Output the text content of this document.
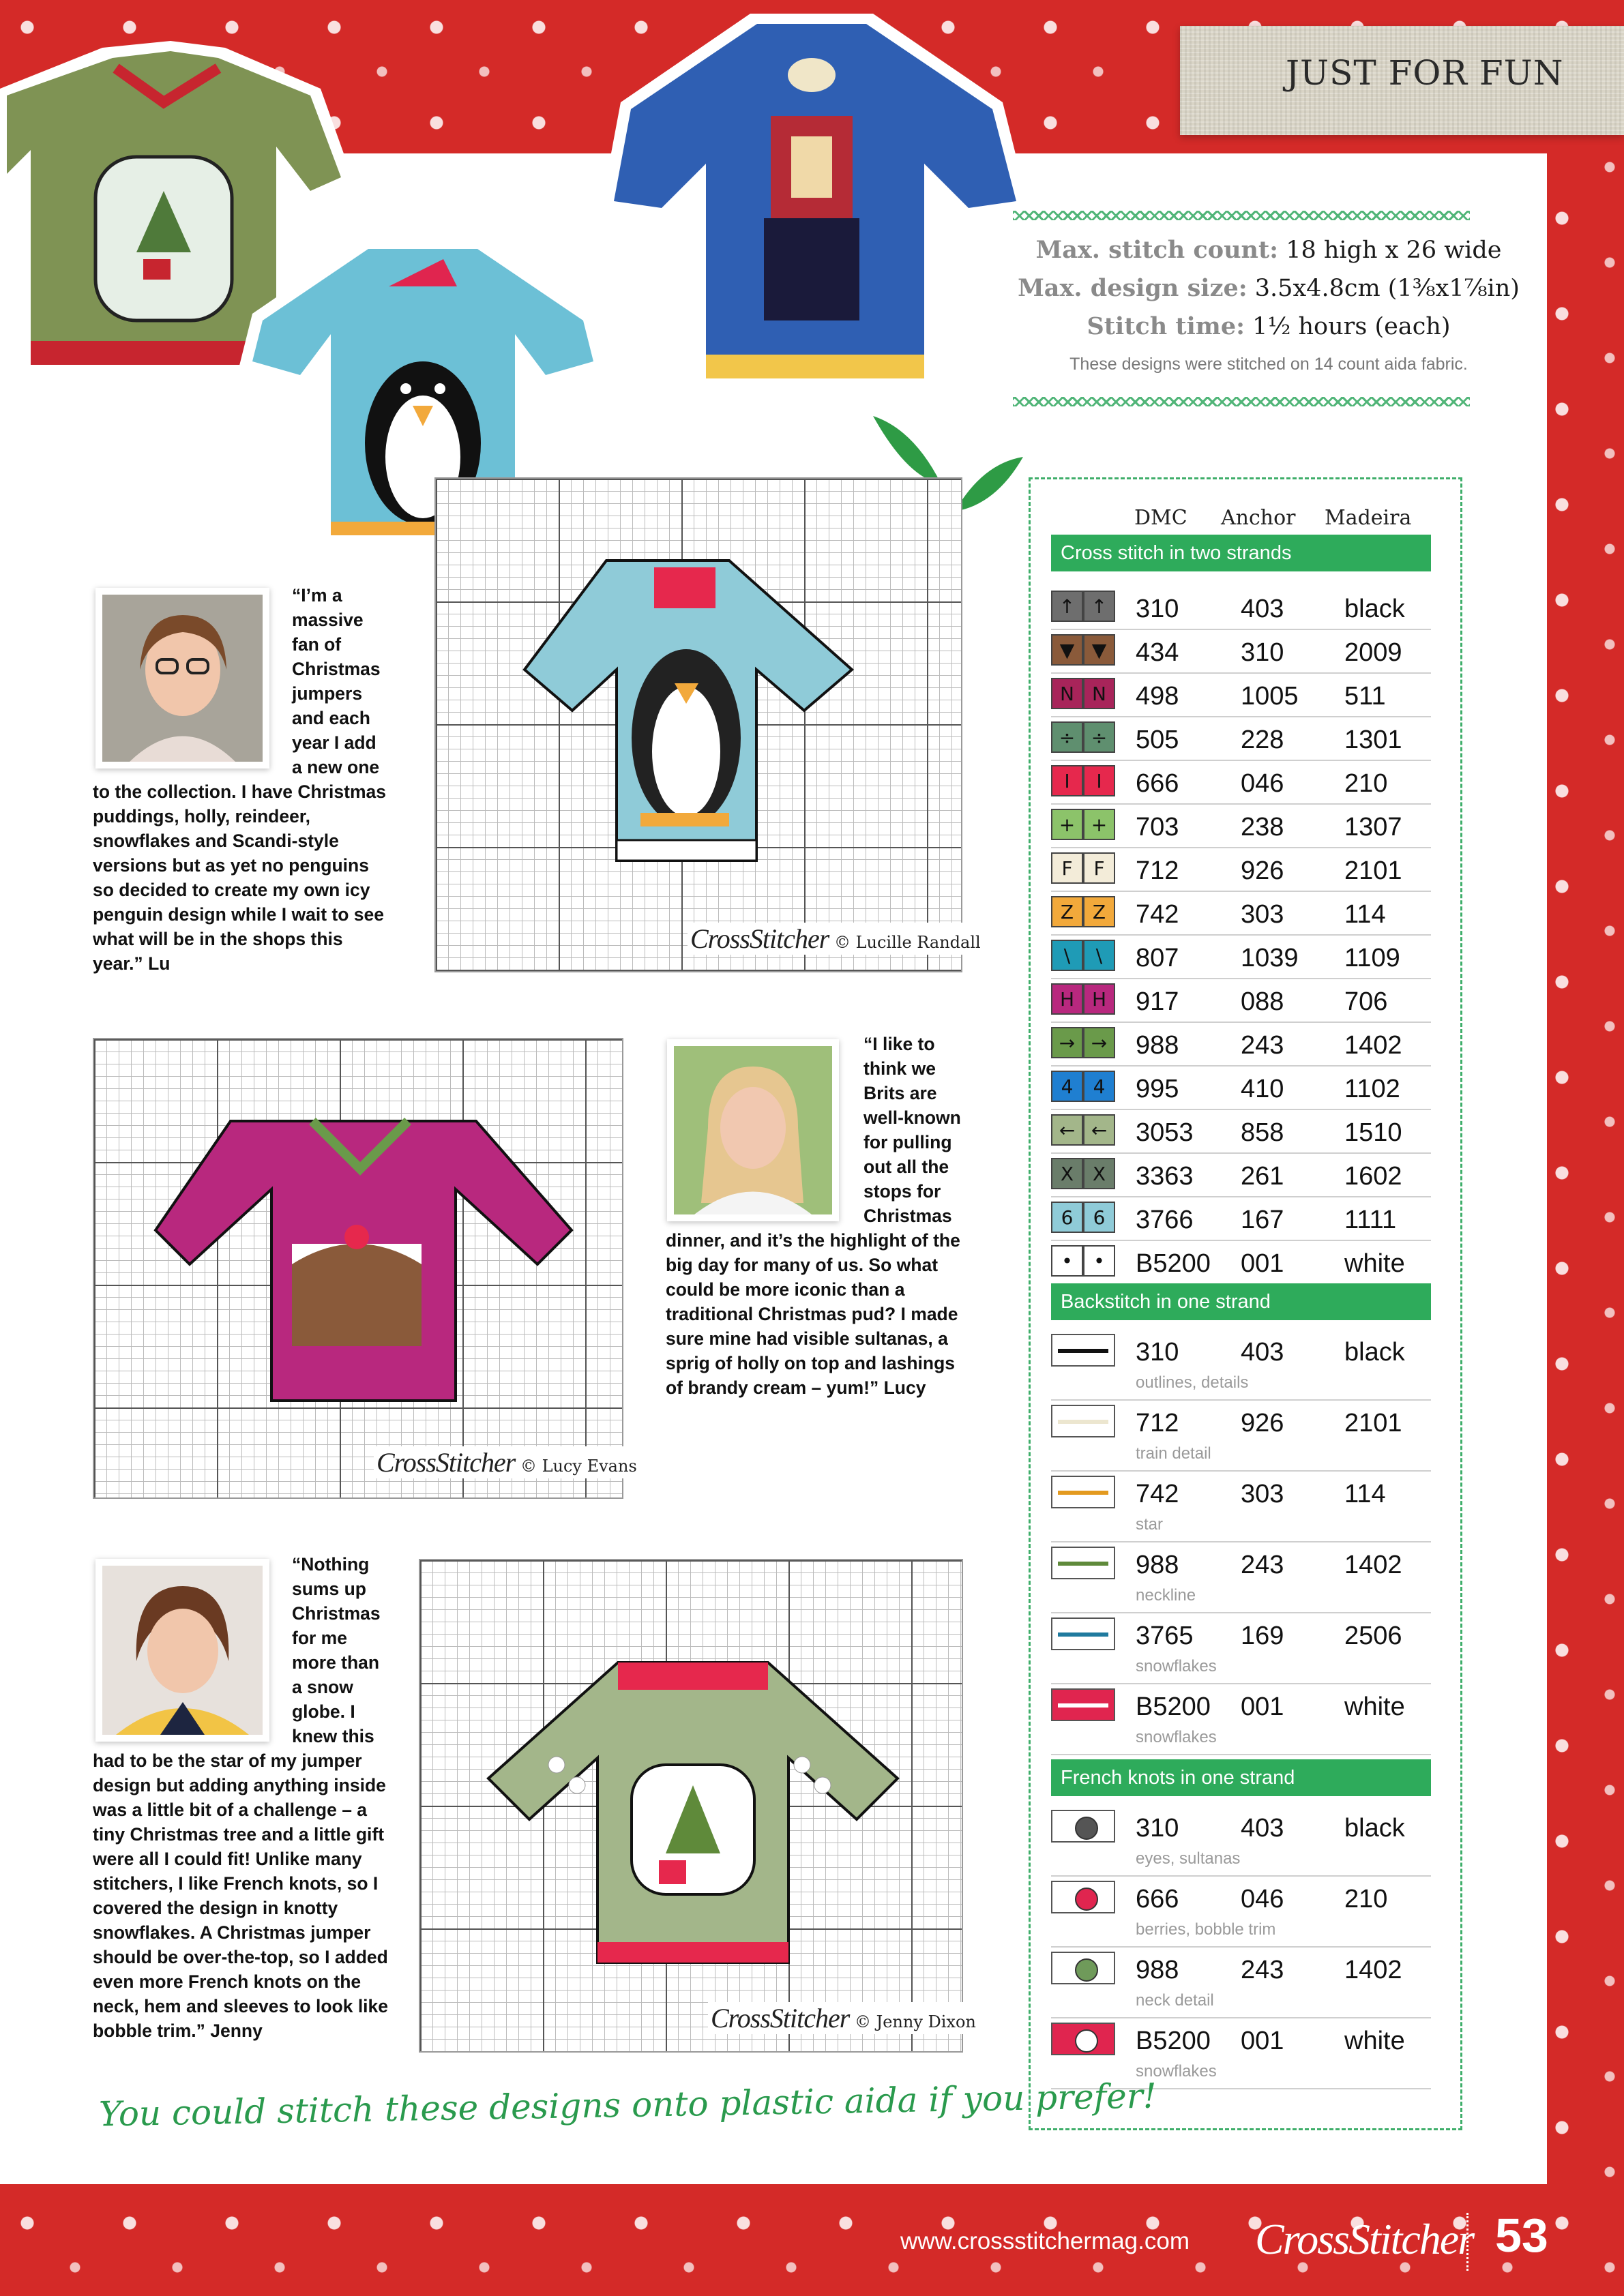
JUST FOR FUN
Max. stitch count: 18 high x 26 wide
Max. design size: 3.5x4.8cm (1⅜x1⅞in)
Stitch time: 1½ hours (each)
These designs were stitched on 14 count aida fabric.
DMC Anchor Madeira
Cross stitch in two strands
↑ ↑	310 403 black
▼ ▼	434 310 2009
N N	498 1005 511
÷ ÷	505 228 1301
I	I	666 046 210
+ +	703 238 1307
F	F	712 926 2101
Z Z	742 303 114
\	\	807 1039 1109
H H	917 088 706
→ →	988 243 1402
4	4	995 410 1102
← ←	3053 858 1510
X X	3363 261 1602
6	6	3766 167 1111
•	•	B5200 001 white
Backstitch in one strand
310 403 black
outlines, details
712 926 2101
train detail
742 303 114
star
988 243 1402
neckline
3765 169 2506
snowflakes
B5200 001 white
snowflakes
French knots in one strand
310 403 black
eyes, sultanas
666 046 210
berries, bobble trim
988 243 1402
neck detail
B5200 001 white
snowflakes
“I’m a massive fan of Christmas jumpers and each year I add a new one to the collection. I have Christmas puddings, holly, reindeer, snowflakes and Scandi-style versions but as yet no penguins so decided to create my own icy penguin design while I wait to see what will be in the shops this year.” Lu
CrossStitcher © Lucille Randall
CrossStitcher © Lucy Evans
“I like to think we Brits are well-known for pulling out all the stops for Christmas dinner, and it’s the highlight of the big day for many of us. So what could be more iconic than a traditional Christmas pud? I made sure mine had visible sultanas, a sprig of holly on top and lashings of brandy cream – yum!” Lucy
“Nothing sums up Christmas for me more than a snow globe. I knew this had to be the star of my jumper design but adding anything inside was a little bit of a challenge – a tiny Christmas tree and a little gift were all I could fit! Unlike many stitchers, I like French knots, so I covered the design in knotty snowflakes. A Christmas jumper should be over-the-top, so I added even more French knots on the neck, hem and sleeves to look like bobble trim.” Jenny	CrossStitcher © Jenny Dixon
You could stitch these designs onto plastic aida if you prefer!
www.crossstitchermag.com CrossStitcher 53
